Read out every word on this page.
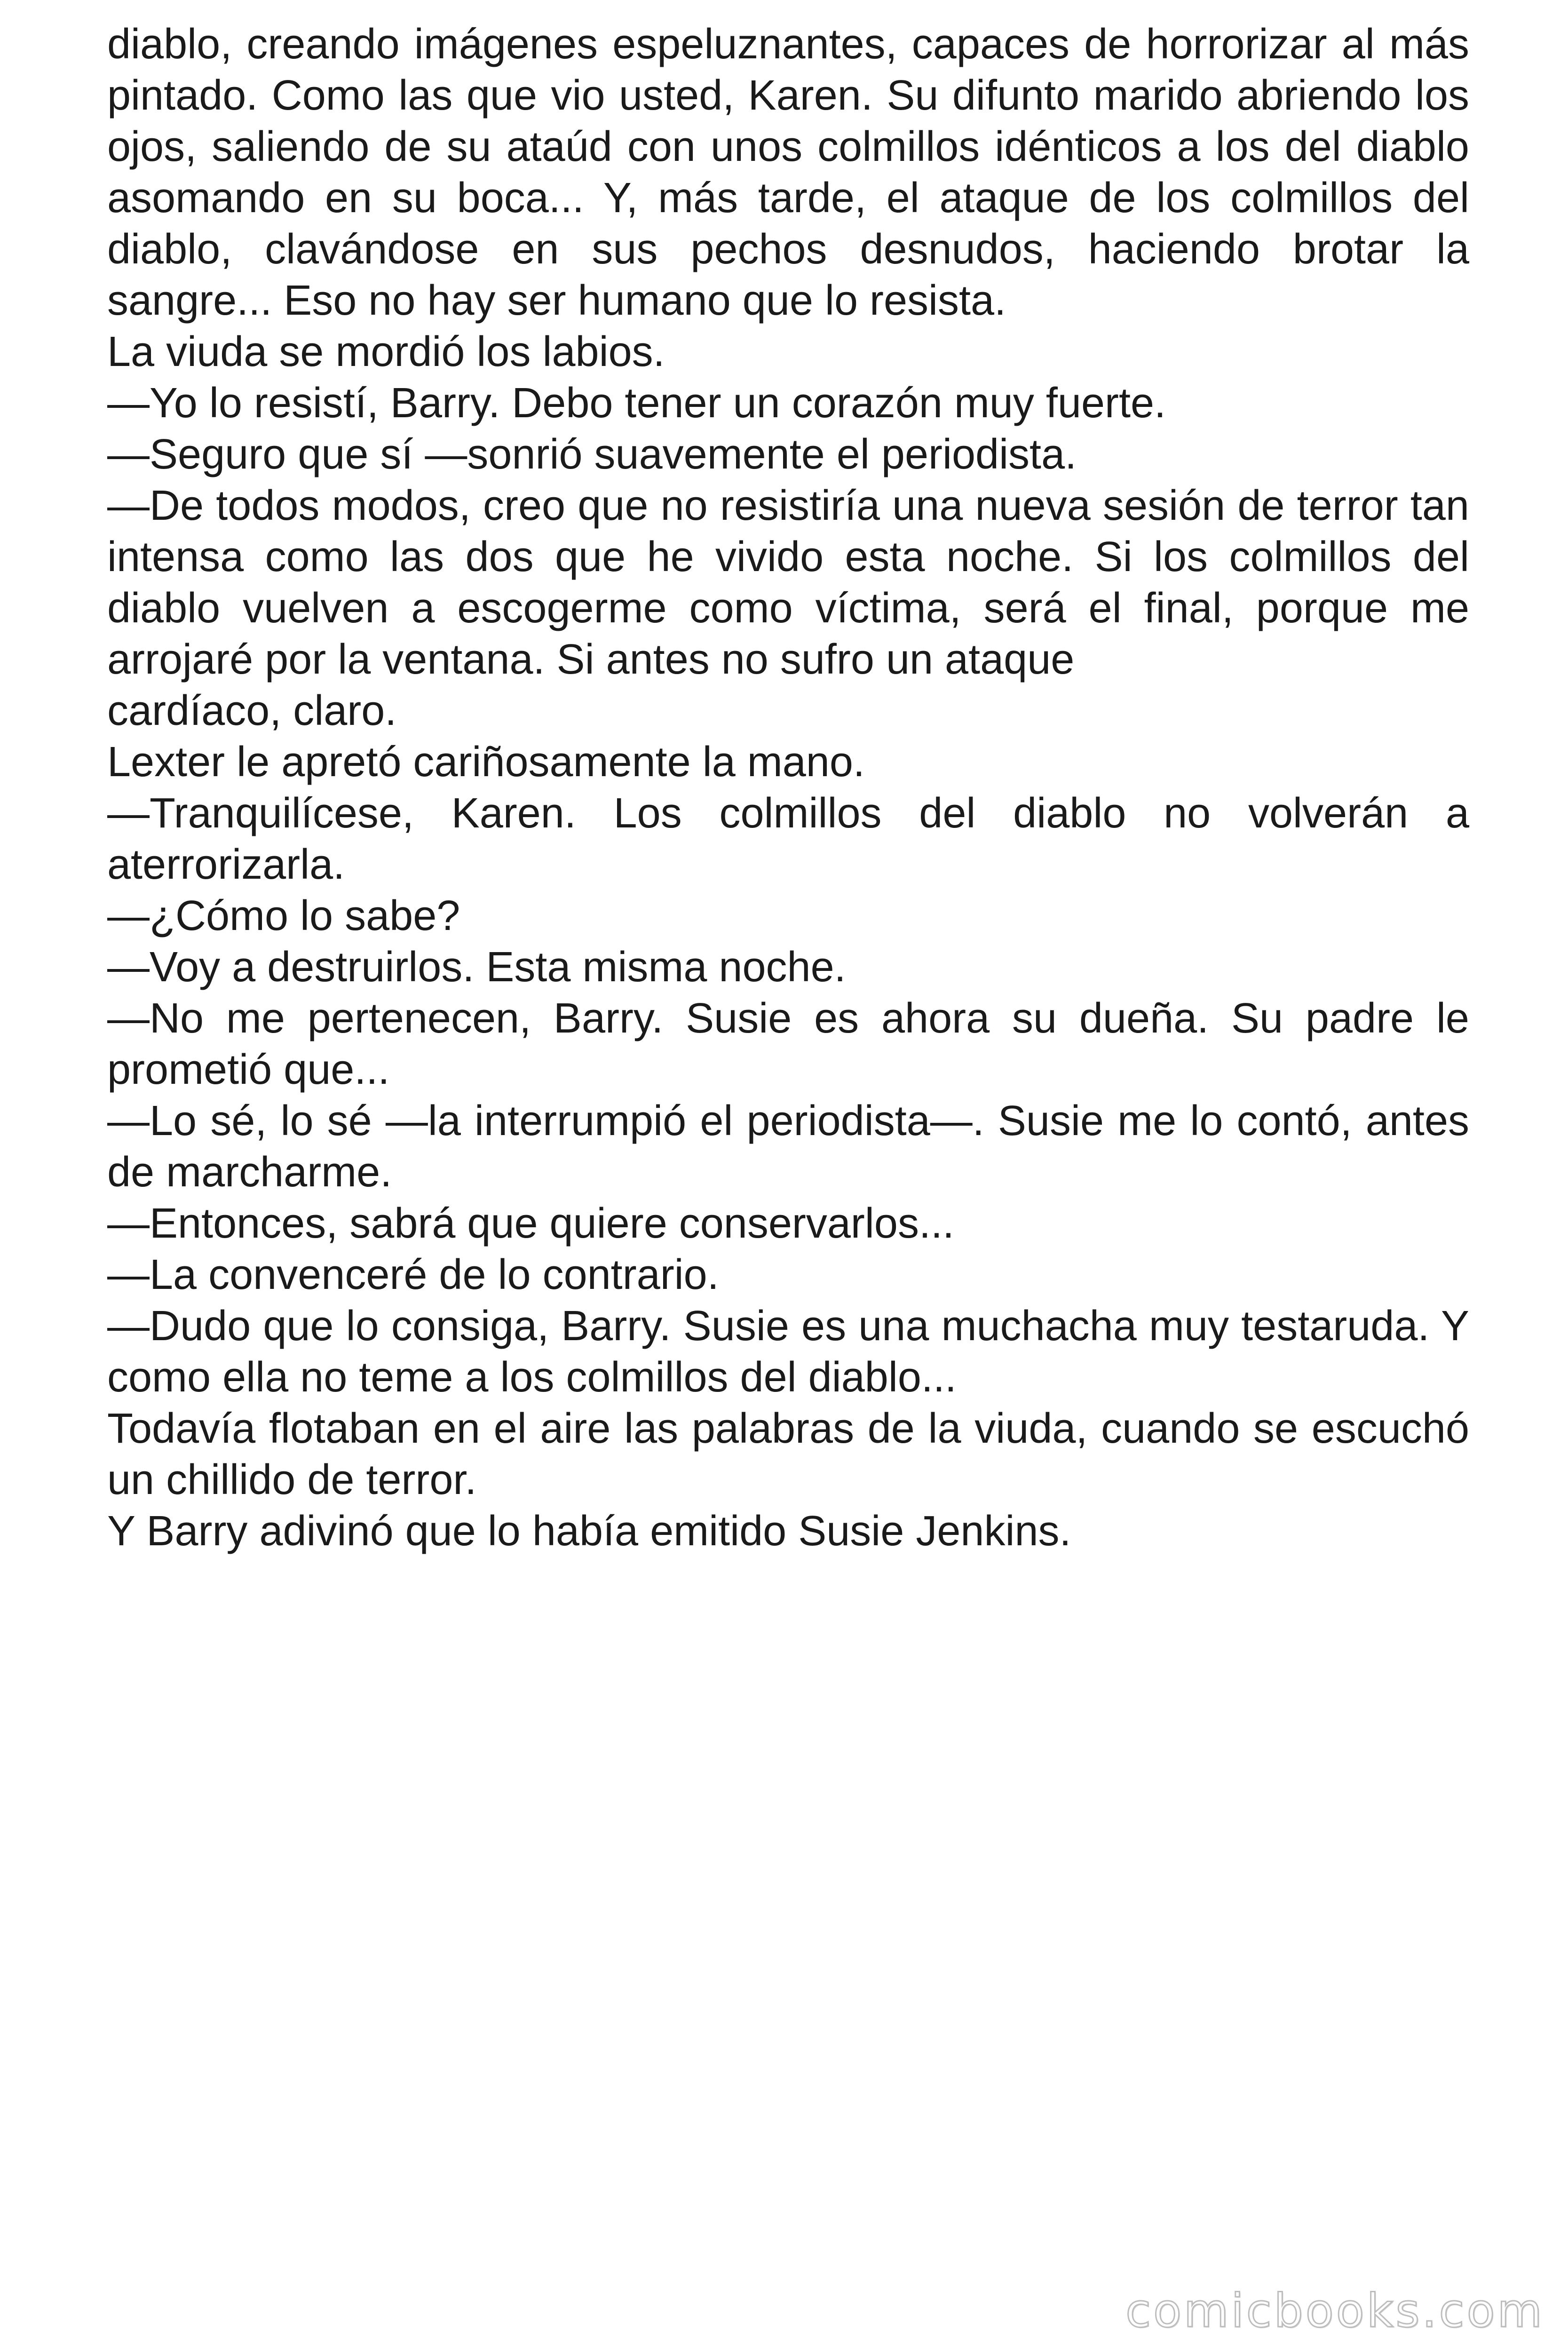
diablo, creando imágenes espeluznantes, capaces de horrorizar al más pintado. Como las que vio usted, Karen. Su difunto marido abriendo los ojos, saliendo de su ataúd con unos colmillos idénticos a los del diablo asomando en su boca... Y, más tarde, el ataque de los colmillos del diablo, clavándose en sus pechos desnudos, haciendo brotar la sangre... Eso no hay ser humano que lo resista.

La viuda se mordió los labios.

—Yo lo resistí, Barry. Debo tener un corazón muy fuerte.

—Seguro que sí —sonrió suavemente el periodista.

—De todos modos, creo que no resistiría una nueva sesión de terror tan intensa como las dos que he vivido esta noche. Si los colmillos del diablo vuelven a escogerme como víctima, será el final, porque me arrojaré por la ventana. Si antes no sufro un ataque

cardíaco, claro.

Lexter le apretó cariñosamente la mano.

—Tranquilícese, Karen. Los colmillos del diablo no volverán a aterrorizarla.

—¿Cómo lo sabe?

—Voy a destruirlos. Esta misma noche.

—No me pertenecen, Barry. Susie es ahora su dueña. Su padre le prometió que...

—Lo sé, lo sé —la interrumpió el periodista—. Susie me lo contó, antes de marcharme.

—Entonces, sabrá que quiere conservarlos...

—La convenceré de lo contrario.

—Dudo que lo consiga, Barry. Susie es una muchacha muy testaruda. Y como ella no teme a los colmillos del diablo...

Todavía flotaban en el aire las palabras de la viuda, cuando se escuchó un chillido de terror.

Y Barry adivinó que lo había emitido Susie Jenkins.

comicbooks.com
